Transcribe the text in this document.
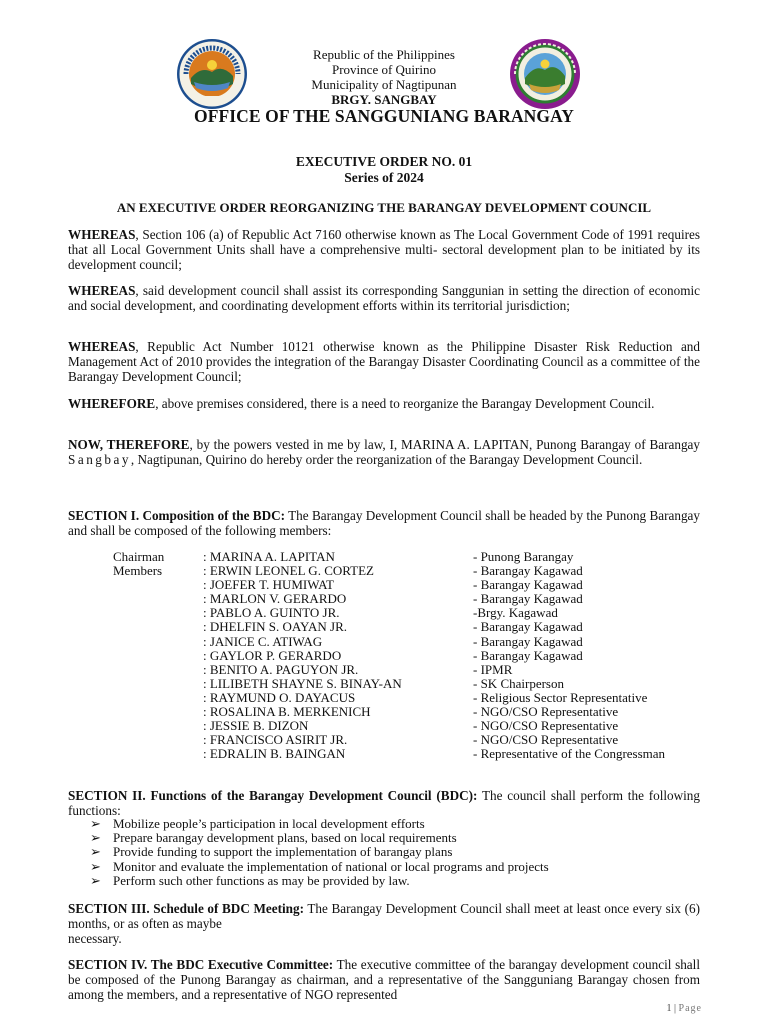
Republic of the Philippines
Province of Quirino
Municipality of Nagtipunan
BRGY. SANGBAY
OFFICE OF THE SANGGUNIANG BARANGAY
EXECUTIVE ORDER NO. 01
Series of 2024
AN EXECUTIVE ORDER REORGANIZING THE BARANGAY DEVELOPMENT COUNCIL
WHEREAS, Section 106 (a) of Republic Act 7160 otherwise known as The Local Government Code of 1991 requires that all Local Government Units shall have a comprehensive multi- sectoral development plan to be initiated by its development council;
WHEREAS, said development council shall assist its corresponding Sanggunian in setting the direction of economic and social development, and coordinating development efforts within its territorial jurisdiction;
WHEREAS, Republic Act Number 10121 otherwise known as the Philippine Disaster Risk Reduction and Management Act of 2010 provides the integration of the Barangay Disaster Coordinating Council as a committee of the Barangay Development Council;
WHEREFORE, above premises considered, there is a need to reorganize the Barangay Development Council.
NOW, THEREFORE, by the powers vested in me by law, I, MARINA A. LAPITAN, Punong Barangay of Barangay Sangbay, Nagtipunan, Quirino do hereby order the reorganization of the Barangay Development Council.
SECTION I. Composition of the BDC: The Barangay Development Council shall be headed by the Punong Barangay and shall be composed of the following members:
Chairman	: MARINA A. LAPITAN	- Punong Barangay
Members	: ERWIN LEONEL G. CORTEZ	- Barangay Kagawad
: JOEFER T. HUMIWAT	- Barangay Kagawad
: MARLON V. GERARDO	- Barangay Kagawad
: PABLO A. GUINTO JR.	-Brgy. Kagawad
: DHELFIN S. OAYAN JR.	- Barangay Kagawad
: JANICE C. ATIWAG	- Barangay Kagawad
: GAYLOR P. GERARDO	- Barangay Kagawad
: BENITO A. PAGUYON JR.	- IPMR
: LILIBETH SHAYNE S. BINAY-AN	- SK Chairperson
: RAYMUND O. DAYACUS	- Religious Sector Representative
: ROSALINA B. MERKENICH	- NGO/CSO Representative
: JESSIE B. DIZON	- NGO/CSO Representative
: FRANCISCO ASIRIT JR.	- NGO/CSO Representative
: EDRALIN B. BAINGAN	- Representative of the Congressman
SECTION II. Functions of the Barangay Development Council (BDC): The council shall perform the following functions:
➢ Mobilize people’s participation in local development efforts
➢ Prepare barangay development plans, based on local requirements
➢ Provide funding to support the implementation of barangay plans
➢ Monitor and evaluate the implementation of national or local programs and projects
➢ Perform such other functions as may be provided by law.
SECTION III. Schedule of BDC Meeting: The Barangay Development Council shall meet at least once every six (6) months, or as often as maybe
necessary.
SECTION IV. The BDC Executive Committee: The executive committee of the barangay development council shall be composed of the Punong Barangay as chairman, and a representative of the Sangguniang Barangay chosen from among the members, and a representative of NGO represented
1 | Page
